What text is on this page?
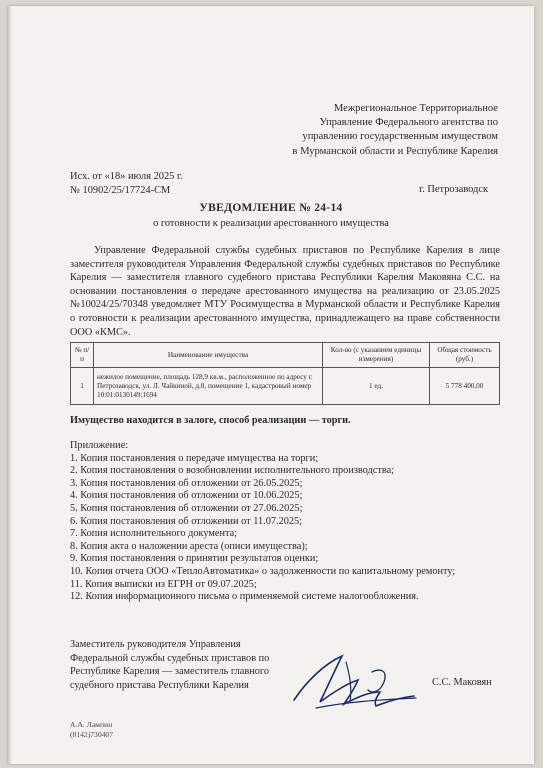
Межрегиональное Территориальное
Управление Федерального агентства по
управлению государственным имуществом
в Мурманской области и Республике Карелия
Исх. от «18» июля 2025 г.
№ 10902/25/17724-СМ	г. Петрозаводск
УВЕДОМЛЕНИЕ № 24-14
о готовности к реализации арестованного имущества
Управление Федеральной службы судебных приставов по Республике Карелия в лице заместителя руководителя Управления Федеральной службы судебных приставов по Республике Карелия — заместителя главного судебного пристава Республики Карелия Маковяна С.С. на основании постановления о передаче арестованного имущества на реализацию от 23.05.2025 №10024/25/70348 уведомляет МТУ Росимущества в Мурманской области и Республике Карелия о готовности к реализации арестованного имущества, принадлежащего на праве собственности ООО «КМС».
№ п/п	Наименование имущества	Кол-во (с указанием единицы измерения)	Общая стоимость (руб.)
1	нежилое помещение, площадь 128,9 кв.м., расположенное по адресу г. Петрозаводск, ул. Л. Чайкиной, д.8, помещение 1, кадастровый номер 10:01:0130149:1694	1 ед.	5 778 400,00
Имущество находится в залоге, способ реализации — торги.
Приложение:
1. Копия постановления о передаче имущества на торги;
2. Копия постановления о возобновлении исполнительного производства;
3. Копия постановления об отложении от 26.05.2025;
4. Копия постановления об отложении от 10.06.2025;
5. Копия постановления об отложении от 27.06.2025;
6. Копия постановления об отложении от 11.07.2025;
7. Копия исполнительного документа;
8. Копия акта о наложении ареста (описи имущества);
9. Копия постановления о принятии результатов оценки;
10. Копия отчета ООО «ТеплоАвтоматика» о задолженности по капитальному ремонту;
11. Копия выписки из ЕГРН от 09.07.2025;
12. Копия информационного письма о применяемой системе налогообложения.
Заместитель руководителя Управления
Федеральной службы судебных приставов по
Республике Карелия — заместитель главного
судебного пристава Республики Карелия	С.С. Маковян
А.А. Лампин
(8142)730407
